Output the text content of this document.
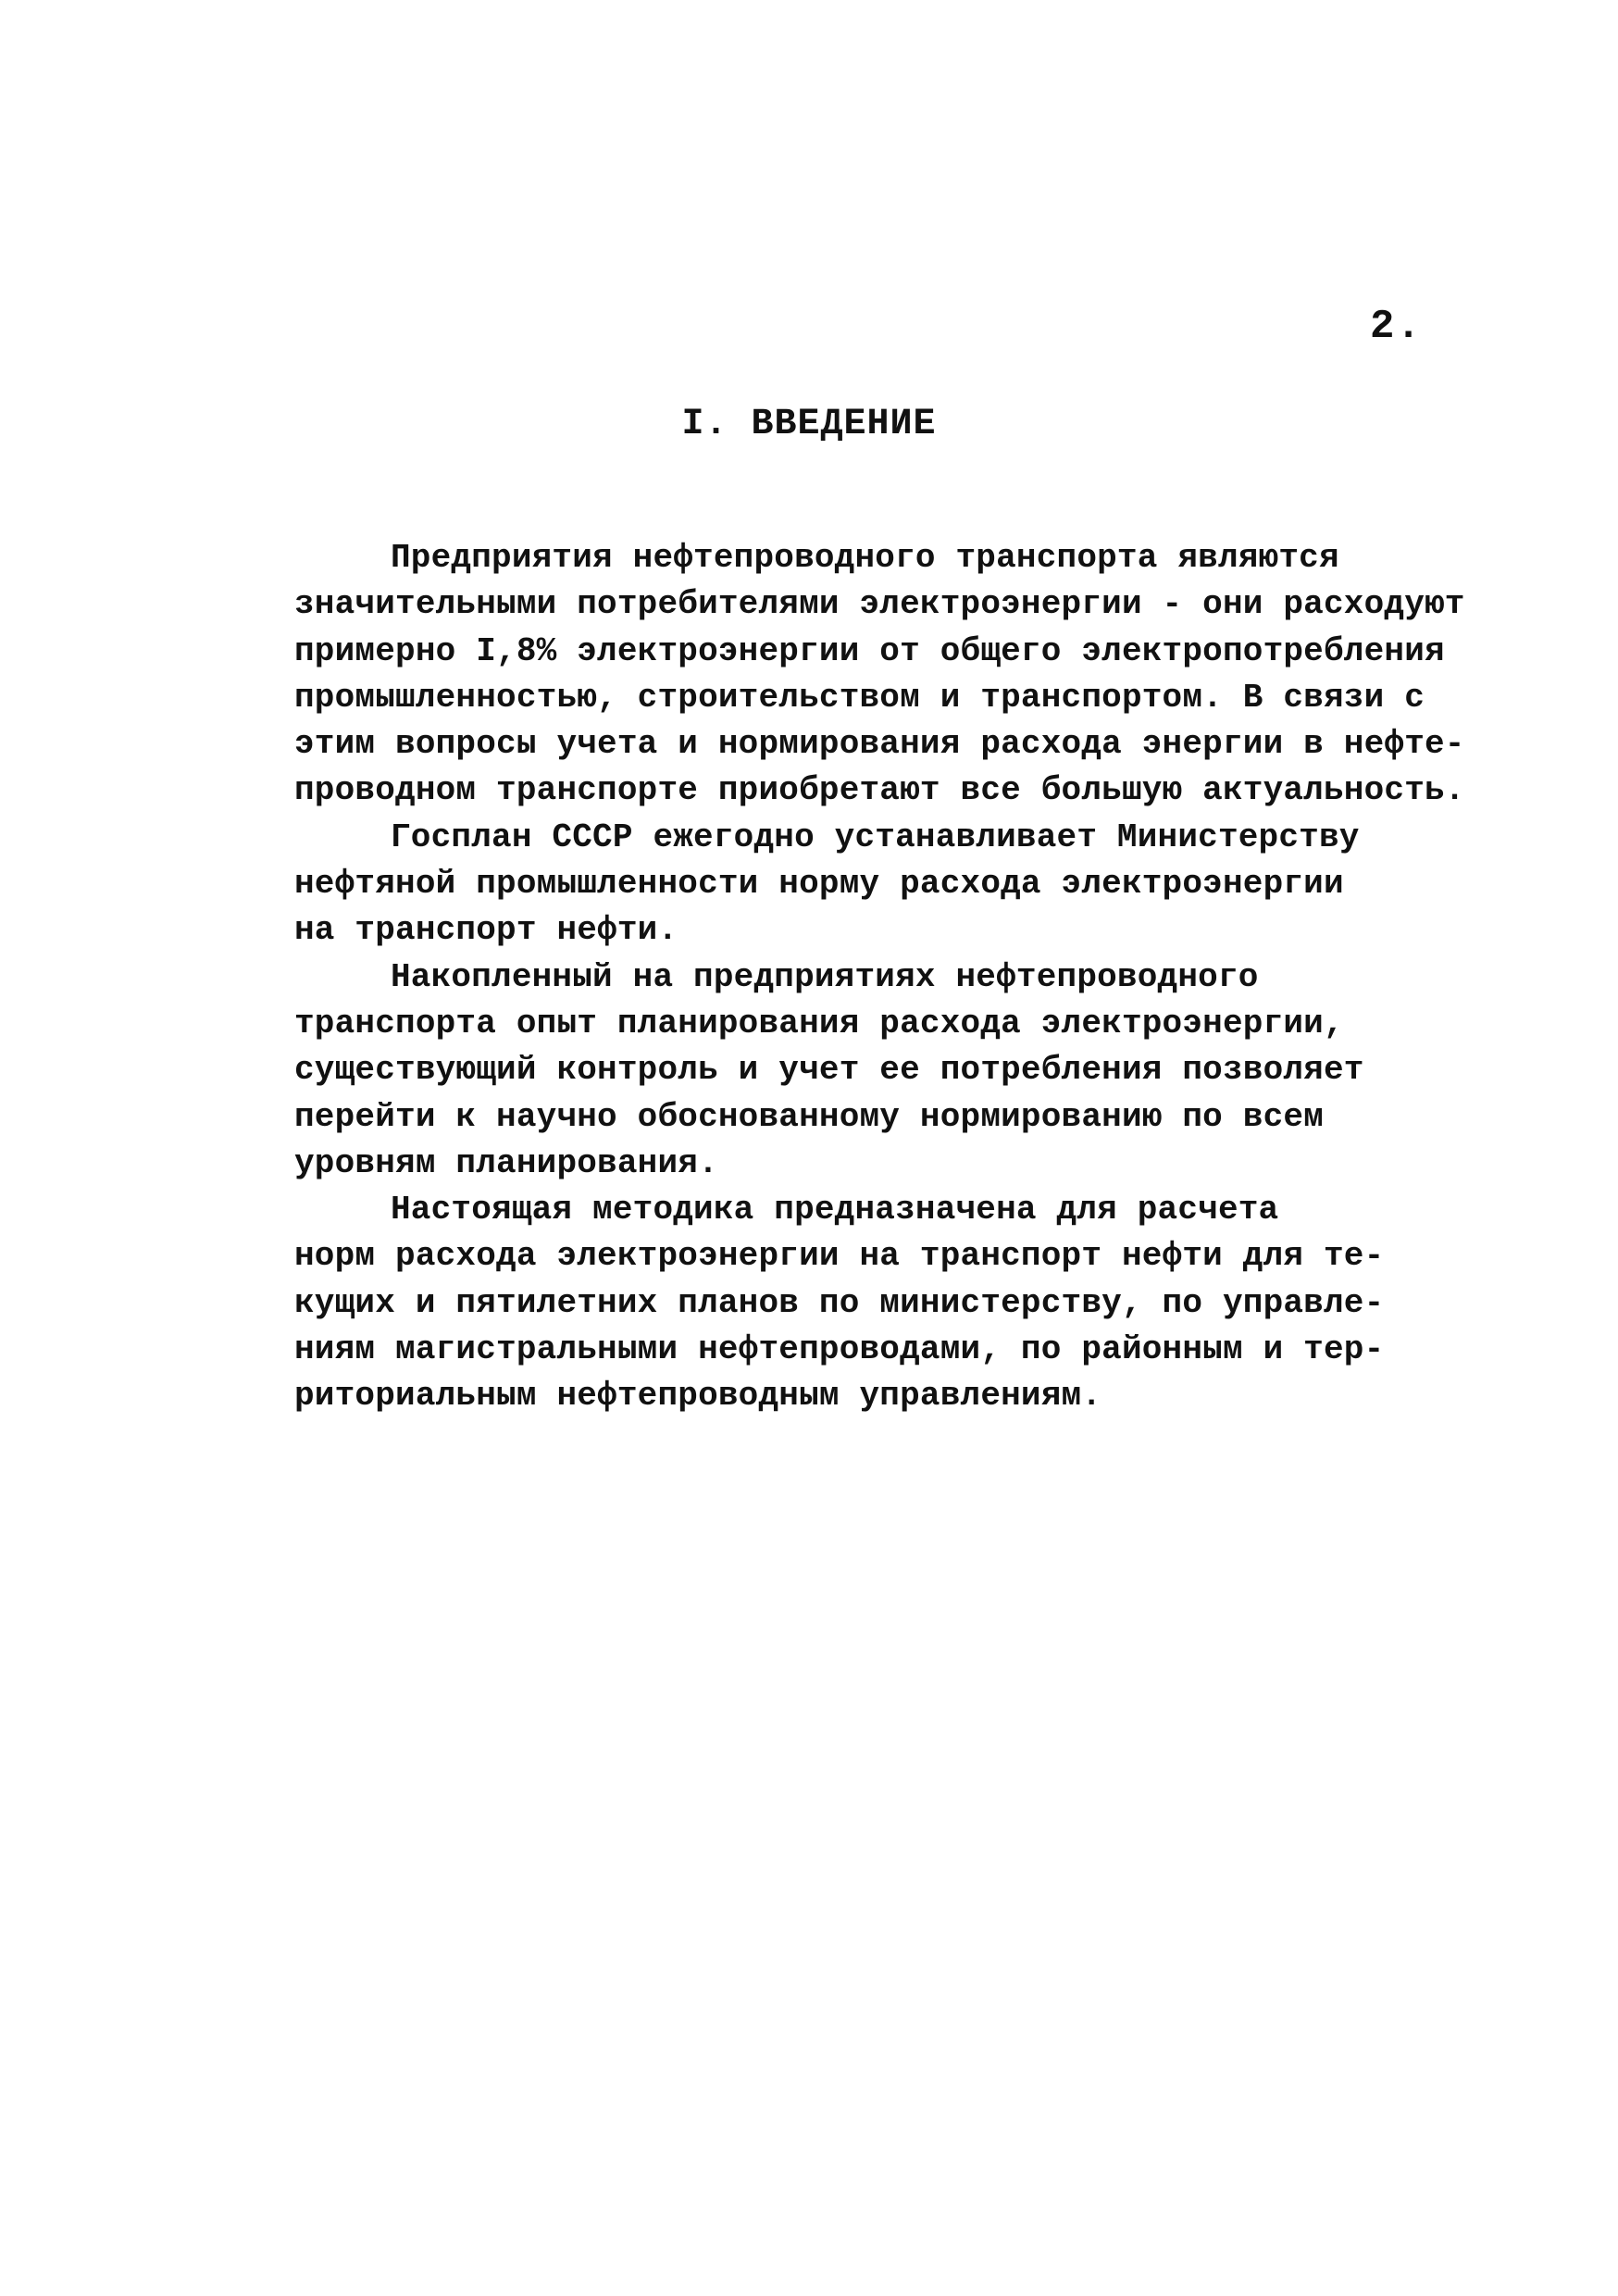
2.
I. ВВЕДЕНИЕ
Предприятия нефтепроводного транспорта являются
значительными потребителями электроэнергии - они расходуют
примерно I,8% электроэнергии от общего электропотребления
промышленностью, строительством и транспортом. В связи с
этим вопросы учета и нормирования расхода энергии в нефте-
проводном транспорте приобретают все большую актуальность.
Госплан СССР ежегодно устанавливает Министерству
нефтяной промышленности норму расхода электроэнергии
на транспорт нефти.
Накопленный на предприятиях нефтепроводного
транспорта опыт планирования расхода электроэнергии,
существующий контроль и учет ее потребления позволяет
перейти к научно обоснованному нормированию по всем
уровням планирования.
Настоящая методика предназначена для расчета
норм расхода электроэнергии на транспорт нефти для те-
кущих и пятилетних планов по министерству, по управле-
ниям магистральными нефтепроводами, по районным и тер-
риториальным нефтепроводным управлениям.
